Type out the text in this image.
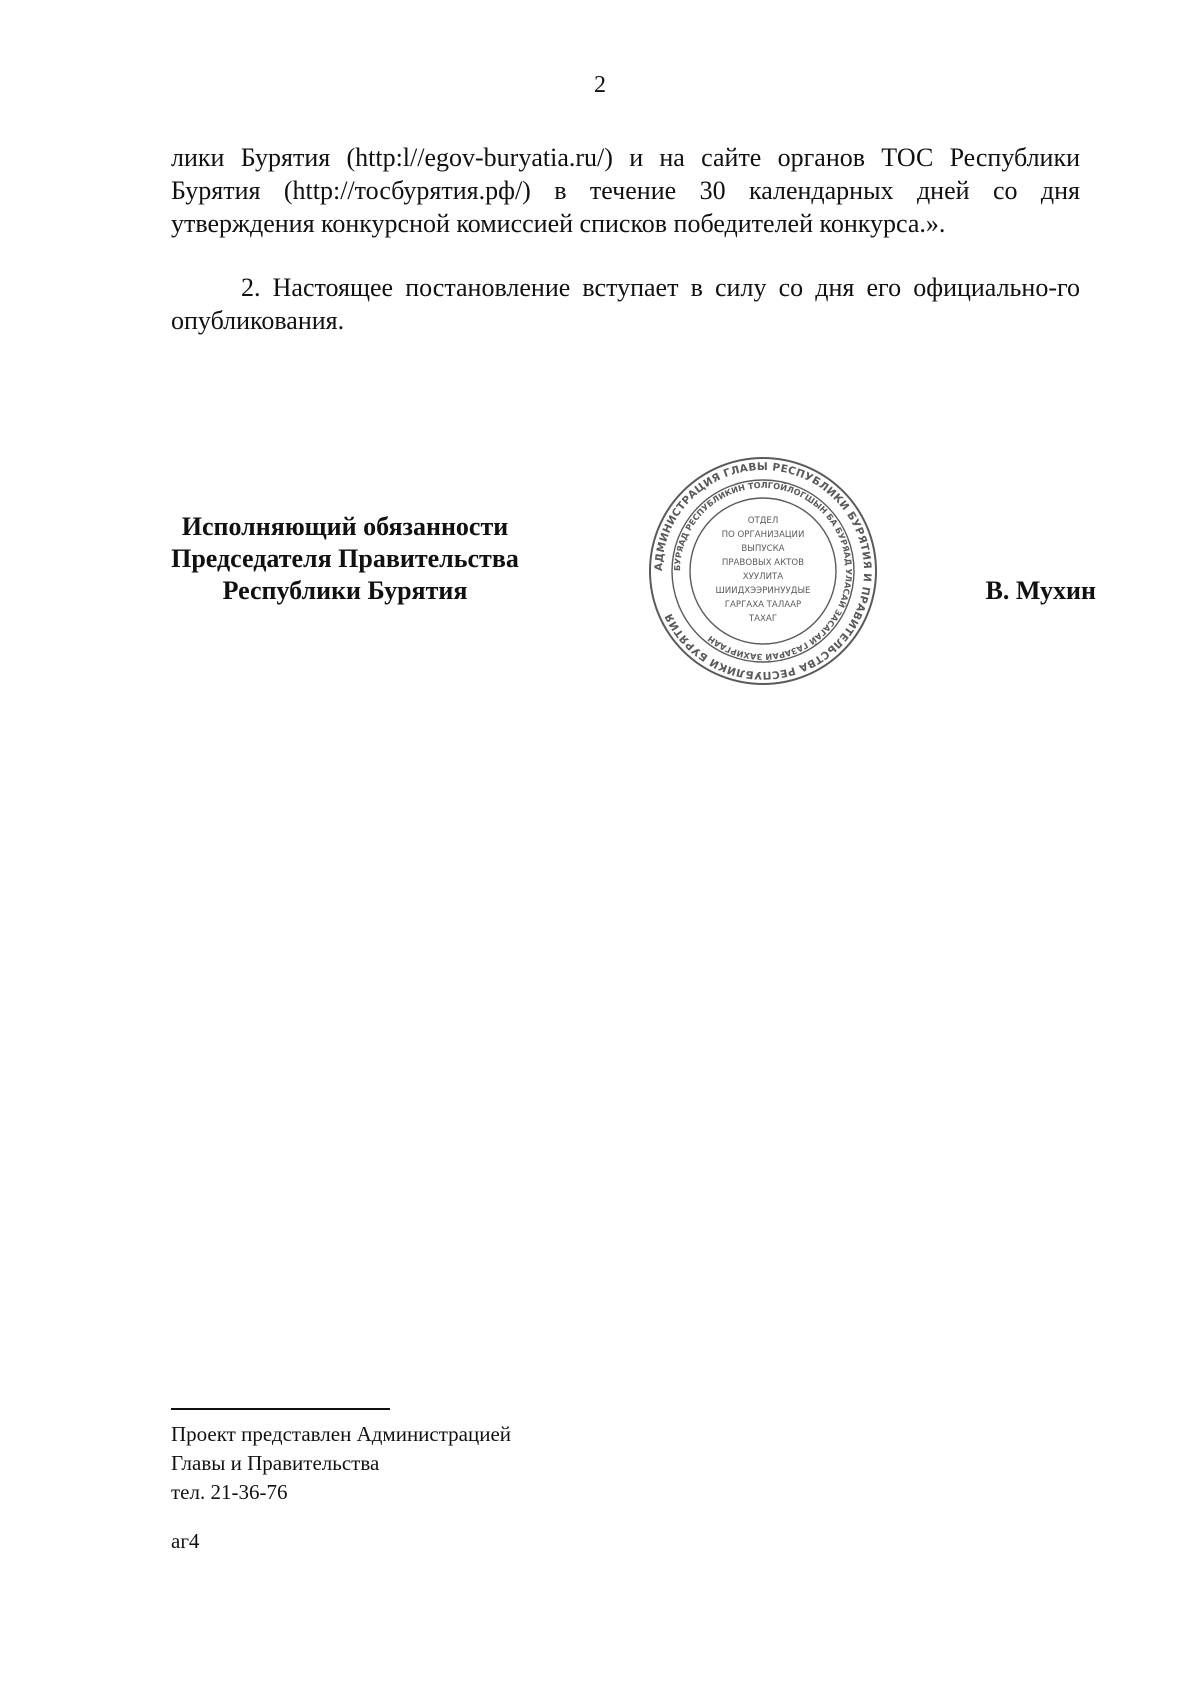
2

лики Бурятия (http:l//egov-buryatia.ru/) и на сайте органов ТОС Республики Бурятия (http://тосбурятия.рф/) в течение 30 календарных дней со дня утверждения конкурсной комиссией списков победителей конкурса.».

2. Настоящее постановление вступает в силу со дня его официально-го опубликования.

Исполняющий обязанности
Председателя Правительства
Республики Бурятия
АДМИНИСТРАЦИЯ ГЛАВЫ РЕСПУБЛИКИ БУРЯТИЯ И ПРАВИТЕЛЬСТВА РЕСПУБЛИКИ БУРЯТИЯ
БУРЯАД РЕСПУБЛИКИН ТОЛГОЙЛОГШЫН БА БУРЯАД УЛАСАЙ ЗАСАГАЙ ГАЗАРАЙ ЗАХИРГААН
ОТДЕЛ
ПО ОРГАНИЗАЦИИ
ВЫПУСКА
ПРАВОВЫХ АКТОВ
ХУУЛИТА
ШИИДХЭЭРИНУУДЫЕ
ГАРГАХА ТАЛААР
ТАХАГ
В. Мухин
Проект представлен Администрацией
Главы и Правительства
тел. 21-36-76
аг4
